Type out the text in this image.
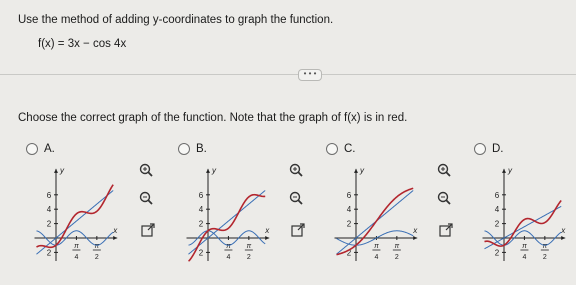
Use the method of adding y-coordinates to graph the function.
f(x) = 3x − cos 4x
• • •
Choose the correct graph of the function. Note that the graph of f(x) is in red.
A.
6
4
2
2
π
4
π
2
x
y
B.
6
4
2
2
π
4
π
2
x
y
C.
6
4
2
2
π
4
π
2
x
y
D.
6
4
2
2
π
4
π
2
x
y
